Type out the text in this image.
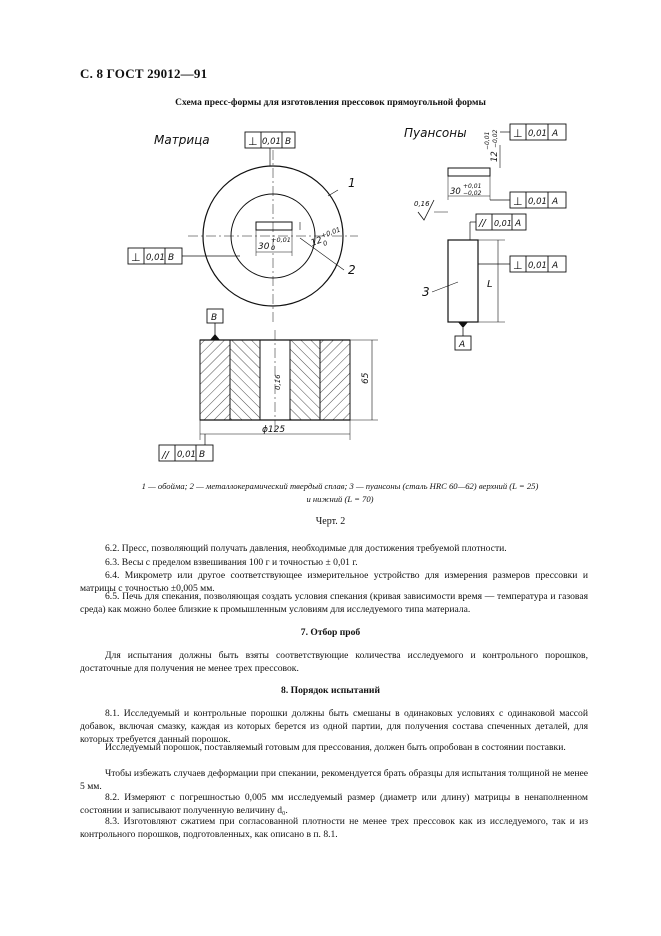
С. 8 ГОСТ 29012—91
Схема пресс-формы для изготовления прессовок прямоугольной формы
Матрица	⊥ 0,01 B
⊥ 0,01 B
30
+0,01
0	12
+0,01
0
1
2
B
65
ϕ125
0,16
// 0,01 B
Пуансоны
12
−0,01 −0,02
30
+0,01
−0,02
⊥ 0,01 A
⊥ 0,01 A
// 0,01 A
⊥ 0,01 A
0,16
L
A
3
1 — обойма; 2 — металлокерамический твердый сплав; 3 — пуансоны (сталь HRC 60—62) верхний (L = 25)
и нижний (L = 70)
Черт. 2
6.2. Пресс, позволяющий получать давления, необходимые для достижения требуемой плотности.
6.3. Весы с пределом взвешивания 100 г и точностью ± 0,01 г.
6.4. Микрометр или другое соответствующее измерительное устройство для измерения размеров прессовки и матрицы с точностью ±0,005 мм.
6.5. Печь для спекания, позволяющая создать условия спекания (кривая зависимости время — температура и газовая среда) как можно более близкие к промышленным условиям для исследуемого типа материала.
7. Отбор проб
Для испытания должны быть взяты соответствующие количества исследуемого и контрольного порошков, достаточные для получения не менее трех прессовок.
8. Порядок испытаний
8.1. Исследуемый и контрольные порошки должны быть смешаны в одинаковых условиях с одинаковой массой добавок, включая смазку, каждая из которых берется из одной партии, для получения состава спеченных деталей, для которых требуется данный порошок.
Исследуемый порошок, поставляемый готовым для прессования, должен быть опробован в состоянии поставки.
Чтобы избежать случаев деформации при спекании, рекомендуется брать образцы для испытания толщиной не менее 5 мм.
8.2. Измеряют с погрешностью 0,005 мм исследуемый размер (диаметр или длину) матрицы в ненаполненном состоянии и записывают полученную величину d₀.
8.3. Изготовляют сжатием при согласованной плотности не менее трех прессовок как из исследуемого, так и из контрольного порошков, подготовленных, как описано в п. 8.1.
